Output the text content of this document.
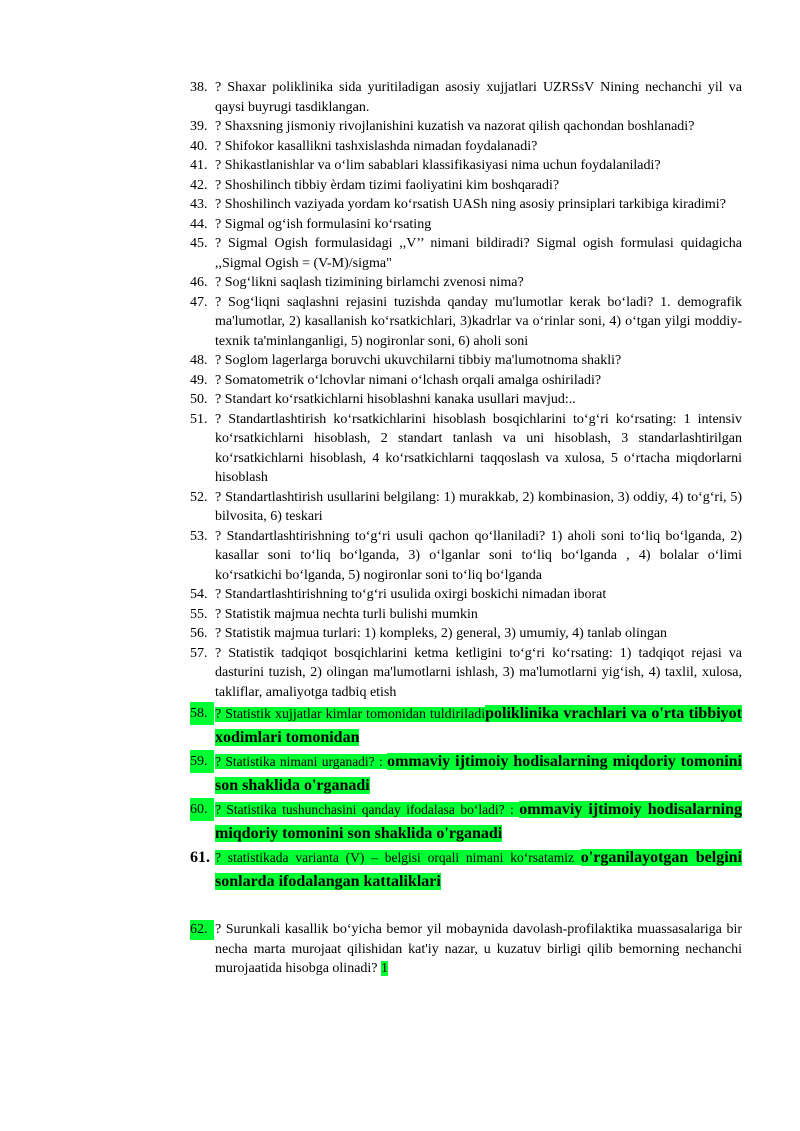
38. ? Shaxar poliklinika sida yuritiladigan asosiy xujjatlari UZRSsV Nining nechanchi yil va qaysi buyrugi tasdiklangan.
39. ? Shaxsning jismoniy rivojlanishini kuzatish va nazorat qilish qachondan boshlanadi?
40. ? Shifokor kasallikni tashxislashda nimadan foydalanadi?
41. ? Shikastlanishlar va oʻlim sabablari klassifikasiyasi nima uchun foydalaniladi?
42. ? Shoshilinch tibbiy èrdam tizimi faoliyatini kim boshqaradi?
43. ? Shoshilinch vaziyada yordam koʻrsatish UASh ning asosiy prinsiplari tarkibiga kiradimi?
44. ? Sigmal ogʻish formulasini koʻrsating
45. ? Sigmal Ogish formulasidagi ,,V’’ nimani bildiradi? Sigmal ogish formulasi quidagicha ,,Sigmal Ogish = (V-M)/sigma"
46. ? Sogʻlikni saqlash tizimining birlamchi zvenosi nima?
47. ? Sogʻliqni saqlashni rejasini tuzishda qanday mu'lumotlar kerak boʻladi? 1. demografik ma'lumotlar, 2) kasallanish koʻrsatkichlari, 3)kadrlar va oʻrinlar soni, 4) oʻtgan yilgi moddiy-texnik ta'minlanganligi, 5) nogironlar soni, 6) aholi soni
48. ? Soglom lagerlarga boruvchi ukuvchilarni tibbiy ma'lumotnoma shakli?
49. ? Somatometrik oʻlchovlar nimani oʻlchash orqali amalga oshiriladi?
50. ? Standart koʻrsatkichlarni hisoblashni kanaka usullari mavjud:..
51. ? Standartlashtirish koʻrsatkichlarini hisoblash bosqichlarini toʻgʻri koʻrsating: 1 intensiv koʻrsatkichlarni hisoblash, 2 standart tanlash va uni hisoblash, 3 standarlashtirilgan koʻrsatkichlarni hisoblash, 4 koʻrsatkichlarni taqqoslash va xulosa, 5 oʻrtacha miqdorlarni hisoblash
52. ? Standartlashtirish usullarini belgilang: 1) murakkab, 2) kombinasion, 3) oddiy, 4) toʻgʻri, 5) bilvosita, 6) teskari
53. ? Standartlashtirishning toʻgʻri usuli qachon qoʻllaniladi? 1) aholi soni toʻliq boʻlganda, 2) kasallar soni toʻliq boʻlganda, 3) oʻlganlar soni toʻliq boʻlganda , 4) bolalar oʻlimi koʻrsatkichi boʻlganda, 5) nogironlar soni toʻliq boʻlganda
54. ? Standartlashtirishning toʻgʻri usulida oxirgi boskichi nimadan iborat
55. ? Statistik majmua nechta turli bulishi mumkin
56. ? Statistik majmua turlari: 1) kompleks, 2) general, 3) umumiy, 4) tanlab olingan
57. ? Statistik tadqiqot bosqichlarini ketma ketligini toʻgʻri koʻrsating: 1) tadqiqot rejasi va dasturini tuzish, 2) olingan ma'lumotlarni ishlash, 3) ma'lumotlarni yigʻish, 4) taxlil, xulosa, takliflar, amaliyotga tadbiq etish
58. ? Statistik xujjatlar kimlar tomonidan tuldiriladipoliklinika vrachlari va o'rta tibbiyot xodimlari tomonidan
59. ? Statistika nimani urganadi? : ommaviy ijtimoiy hodisalarning miqdoriy tomonini son shaklida o'rganadi
60. ? Statistika tushunchasini qanday ifodalasa boʻladi? : ommaviy ijtimoiy hodisalarning miqdoriy tomonini son shaklida o'rganadi
61. ? statistikada varianta (V) – belgisi orqali nimani koʻrsatamiz o'rganilayotgan belgini sonlarda ifodalangan kattaliklari
62. ? Surunkali kasallik boʻyicha bemor yil mobaynida davolash-profilaktika muassasalariga bir necha marta murojaat qilishidan kat'iy nazar, u kuzatuv birligi qilib bemorning nechanchi murojaatida hisobga olinadi? 1
